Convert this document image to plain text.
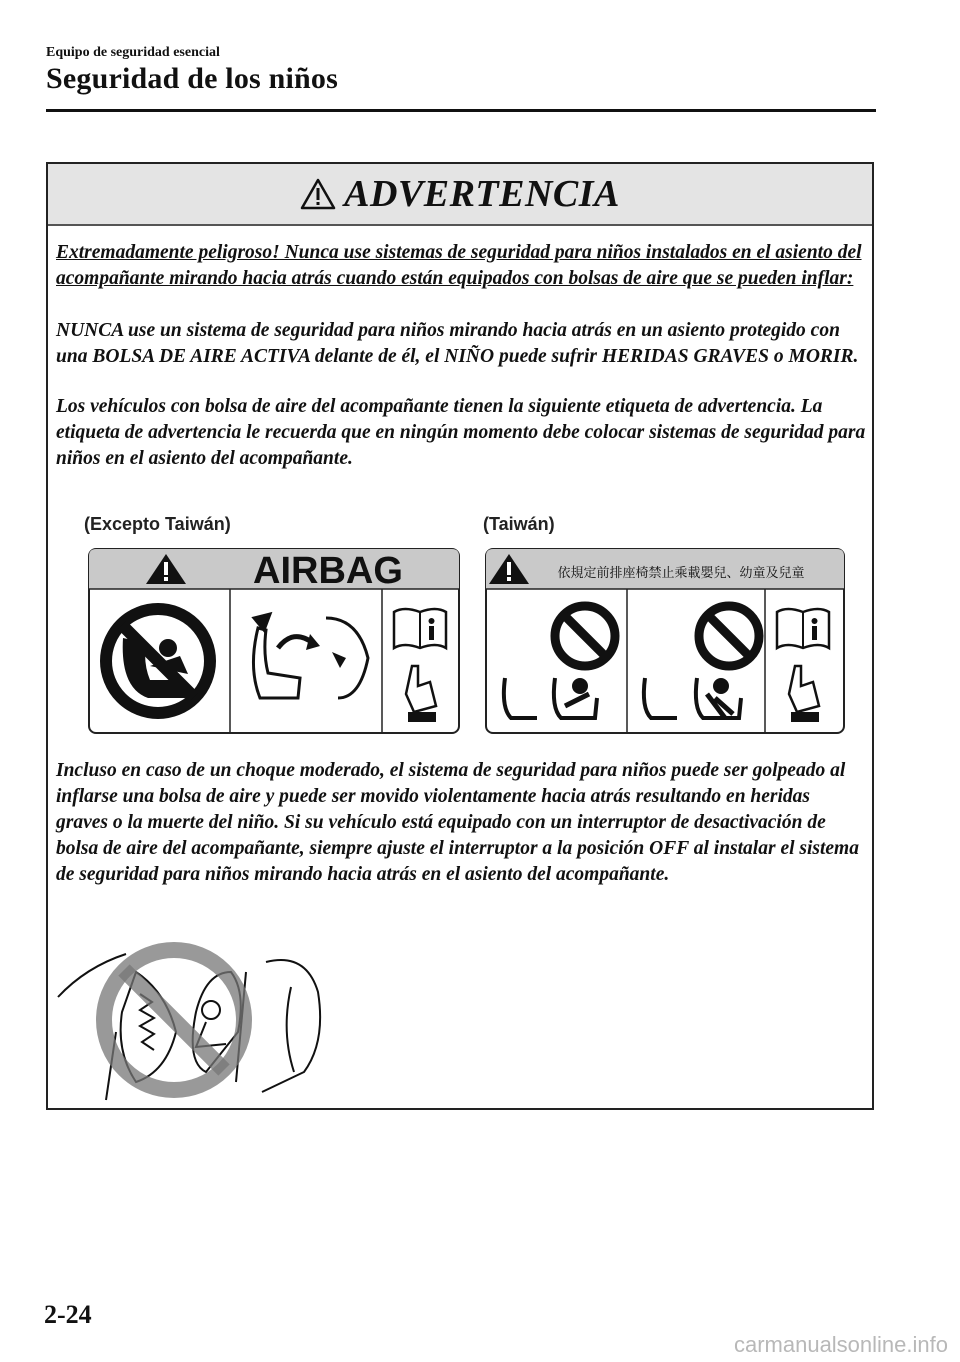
Equipo de seguridad esencial
Seguridad de los niños
ADVERTENCIA
Extremadamente peligroso! Nunca use sistemas de seguridad para niños instalados en el asiento del acompañante mirando hacia atrás cuando están equipados con bolsas de aire que se pueden inflar:
NUNCA use un sistema de seguridad para niños mirando hacia atrás en un asiento protegido con una BOLSA DE AIRE ACTIVA delante de él, el NIÑO puede sufrir HERIDAS GRAVES o MORIR.
Los vehículos con bolsa de aire del acompañante tienen la siguiente etiqueta de advertencia. La etiqueta de advertencia le recuerda que en ningún momento debe colocar sistemas de seguridad para niños en el asiento del acompañante.
(Excepto Taiwán)	(Taiwán)
AIRBAG	依規定前排座椅禁止乘載嬰兒、幼童及兒童
Incluso en caso de un choque moderado, el sistema de seguridad para niños puede ser golpeado al inflarse una bolsa de aire y puede ser movido violentamente hacia atrás resultando en heridas graves o la muerte del niño. Si su vehículo está equipado con un interruptor de desactivación de bolsa de aire del acompañante, siempre ajuste el interruptor a la posición OFF al instalar el sistema de seguridad para niños mirando hacia atrás en el asiento del acompañante.
2-24
carmanualsonline.info
